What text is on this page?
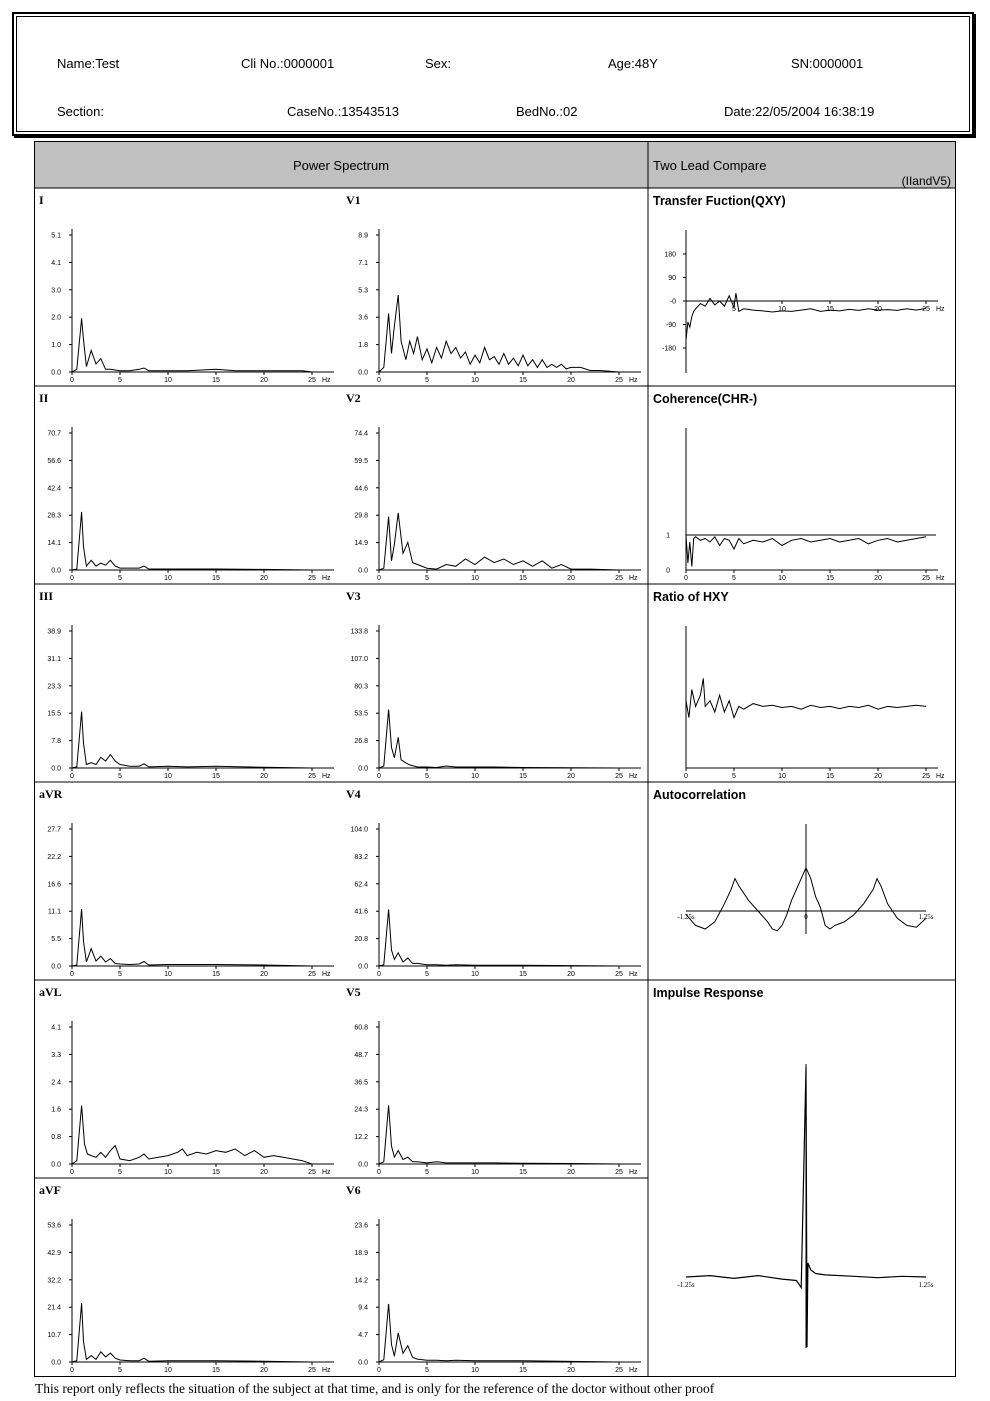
Name:Test	Cli No.:0000001	Sex:	Age:48Y	SN:0000001
Section:	CaseNo.:13543513	BedNo.:02	Date:22/05/2004 16:38:19
Power Spectrum	Two Lead Compare
(IIandV5)
I
0.0
1.0
2.0
3.0
4.1
5.1
0	5	10	15	20	25 Hz
V1
0.0
1.8
3.6
5.3
7.1
8.9
0	5	10	15	20	25 Hz
II
0.0
14.1
28.3
42.4
56.6
70.7
0	5	10	15	20	25 Hz
V2
0.0
14.9
29.8
44.6
59.5
74.4
0	5	10	15	20	25 Hz
III
0.0
7.8
15.5
23.3
31.1
38.9
0	5	10	15	20	25 Hz
V3
0.0
26.8
53.5
80.3
107.0
133.8
0	5	10	15	20	25 Hz
aVR
0.0
5.5
11.1
16.6
22.2
27.7
0	5	10	15	20	25 Hz
V4
0.0
20.8
41.6
62.4
83.2
104.0
0	5	10	15	20	25 Hz
aVL
0.0
0.8
1.6
2.4
3.3
4.1
0	5	10	15	20	25 Hz
V5
0.0
12.2
24.3
36.5
48.7
60.8
0	5	10	15	20	25 Hz
aVF
0.0
10.7
21.4
32.2
42.9
53.6
0	5	10	15	20	25 Hz
V6
0.0
4.7
9.4
14.2
18.9
23.6
0	5	10	15	20	25 Hz
Transfer Fuction(QXY)
180
90
-0
-90
-180
5	10	15	20	25 Hz
Coherence(CHR-)
0
1
0	5	10	15	20	25 Hz
Ratio of HXY
0	5	10	15	20	25 Hz
Autocorrelation
-1.25s	0	1.25s
Impulse Response
-1.25s	1.25s
This report only reflects the situation of the subject at that time, and is only for the reference of the doctor without other proof
